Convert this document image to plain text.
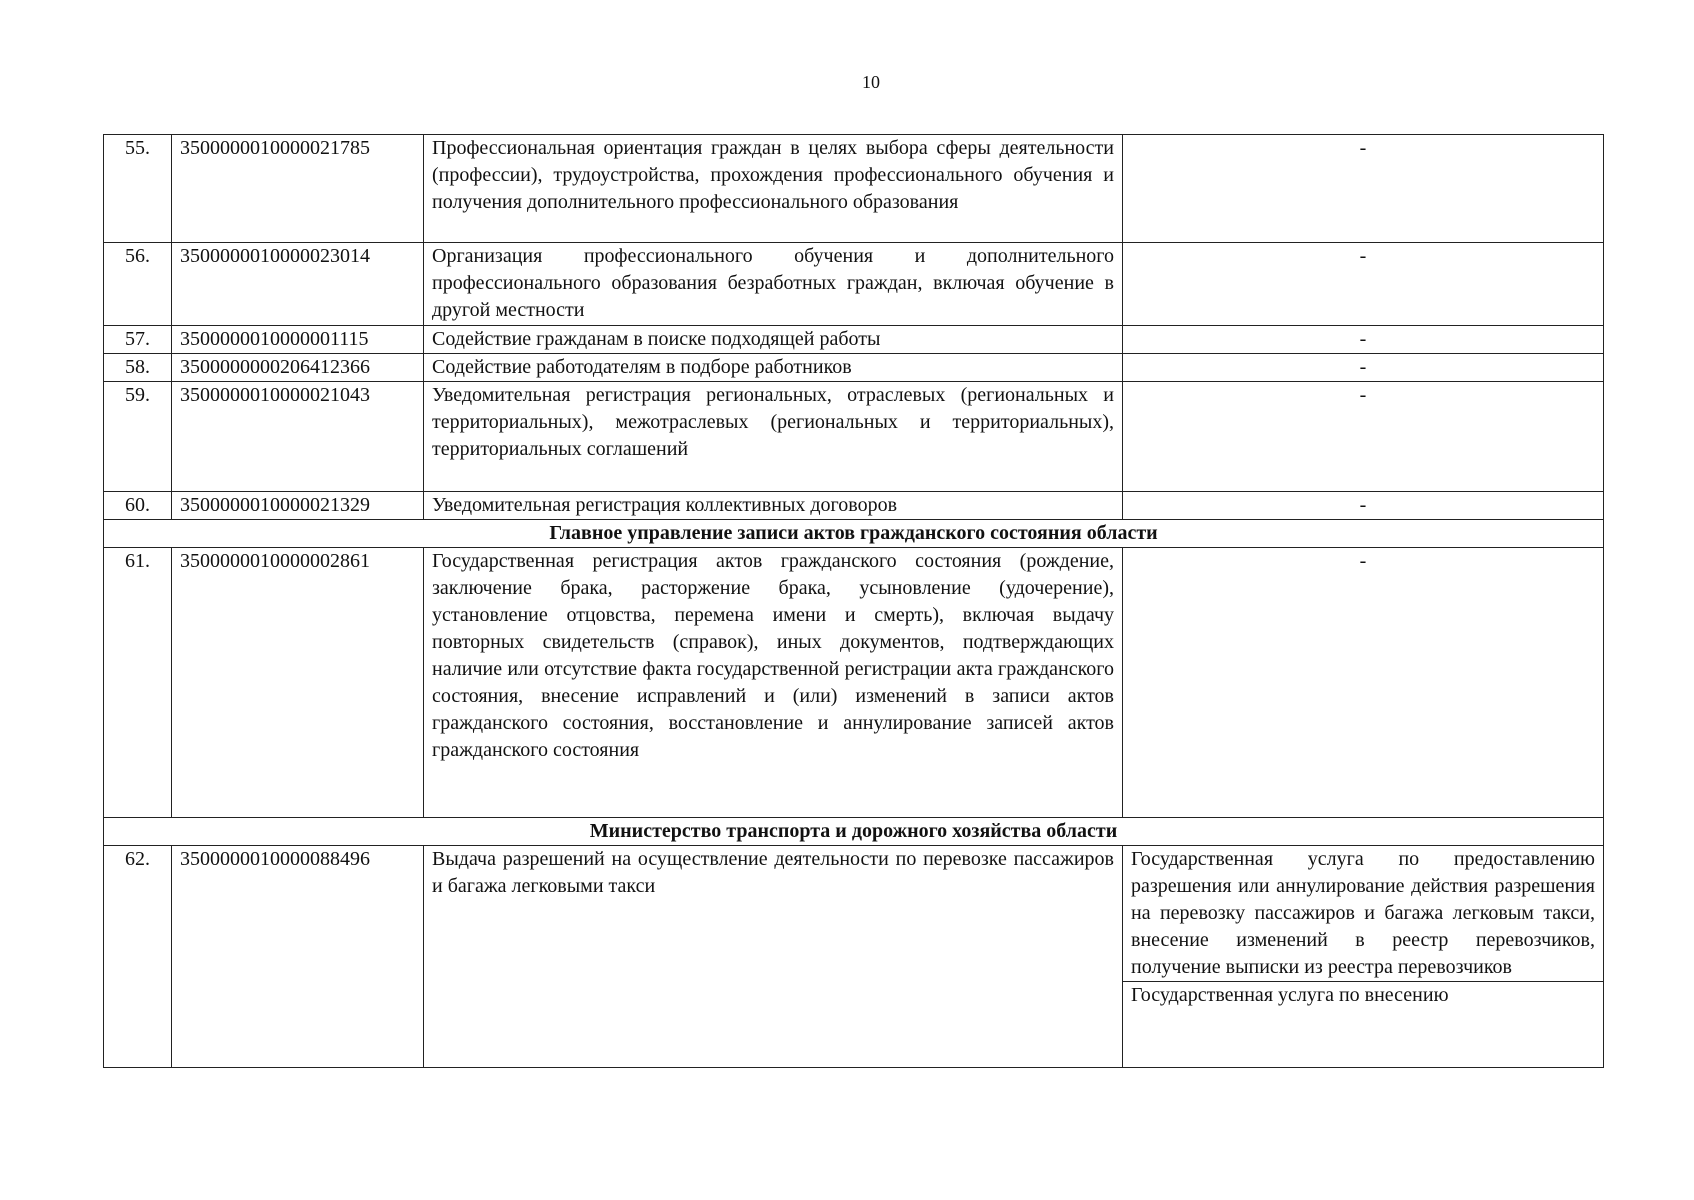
10
55.	3500000010000021785	Профессиональная ориентация граждан в целях выбора сферы деятельности (профессии), трудоустройства, прохождения профессионального обучения и получения дополнительного профессионального образования	-
56.	3500000010000023014	Организация профессионального обучения и дополнительного профессионального образования безработных граждан, включая обучение в другой местности	-
57.	3500000010000001115	Содействие гражданам в поиске подходящей работы	-
58.	3500000000206412366	Содействие работодателям в подборе работников	-
59.	3500000010000021043	Уведомительная регистрация региональных, отраслевых (региональных и территориальных), межотраслевых (региональных и территориальных), территориальных соглашений	-
60.	3500000010000021329	Уведомительная регистрация коллективных договоров	-
Главное управление записи актов гражданского состояния области			
61.	3500000010000002861	Государственная регистрация актов гражданского состояния (рождение, заключение брака, расторжение брака, усыновление (удочерение), установление отцовства, перемена имени и смерть), включая выдачу повторных свидетельств (справок), иных документов, подтверждающих наличие или отсутствие факта государственной регистрации акта гражданского состояния, внесение исправлений и (или) изменений в записи актов гражданского состояния, восстановление и аннулирование записей актов гражданского состояния	-
Министерство транспорта и дорожного хозяйства области			
62.	3500000010000088496	Выдача разрешений на осуществление деятельности по перевозке пассажиров и багажа легковыми такси	Государственная услуга по предоставлению разрешения или аннулирование действия разрешения на перевозку пассажиров и багажа легковым такси, внесение изменений в реестр перевозчиков, получение выписки из реестра перевозчиков
Государственная услуга по внесению
